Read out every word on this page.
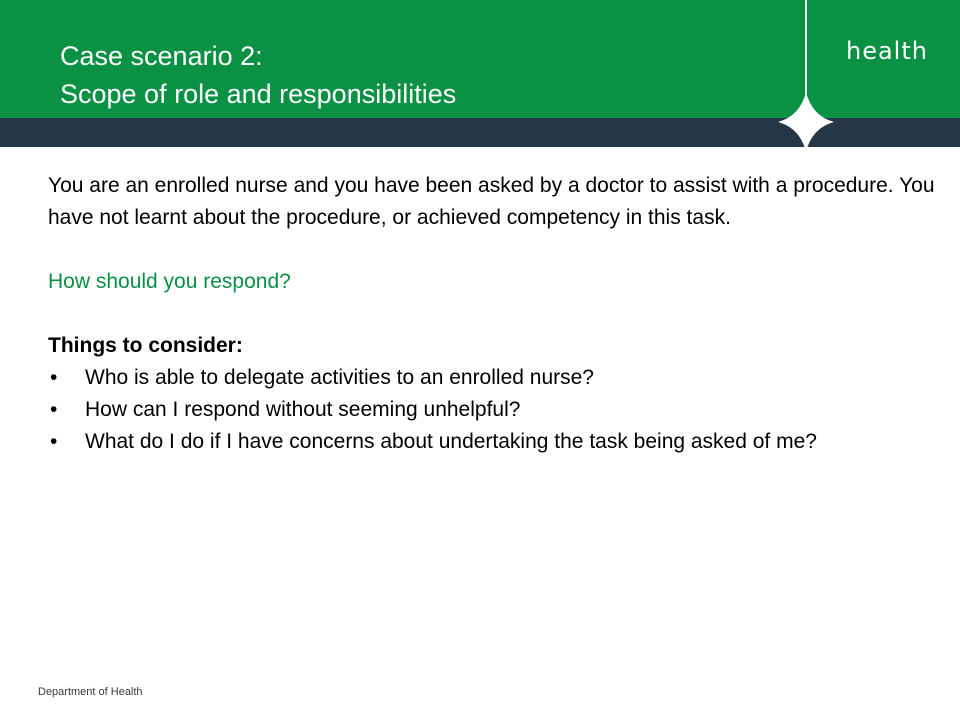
Case scenario 2:
Scope of role and responsibilities
health

You are an enrolled nurse and you have been asked by a doctor to assist with a procedure. You have not learnt about the procedure, or achieved competency in this task.

How should you respond?

Things to consider:

• Who is able to delegate activities to an enrolled nurse?
• How can I respond without seeming unhelpful?
• What do I do if I have concerns about undertaking the task being asked of me?
Department of Health
